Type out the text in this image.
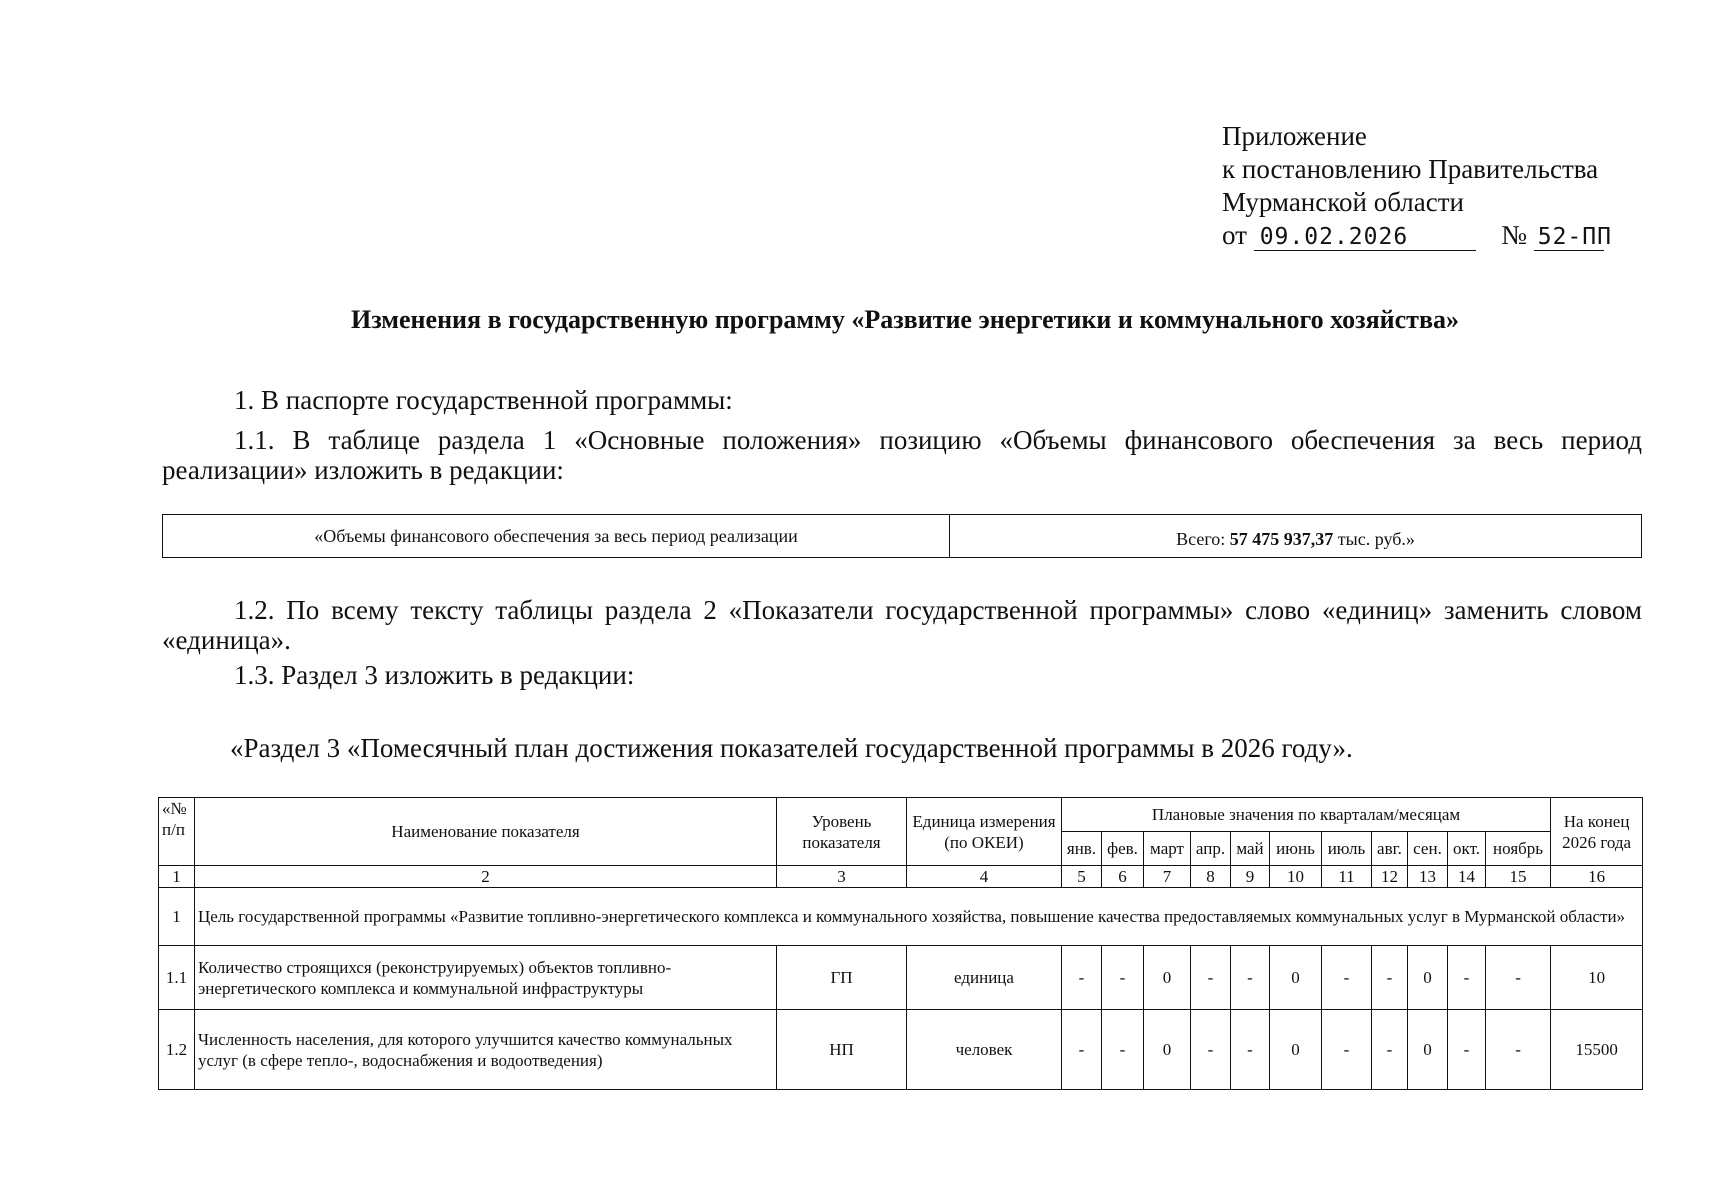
Приложение
к постановлению Правительства
Мурманской области
от 09.02.2026	№ 52-ПП
Изменения в государственную программу «Развитие энергетики и коммунального хозяйства»
1. В паспорте государственной программы:
1.1. В таблице раздела 1 «Основные положения» позицию «Объемы финансового обеспечения за весь период реализации» изложить в редакции:
«Объемы финансового обеспечения за весь период реализации	Всего: 57 475 937,37 тыс. руб.»
1.2. По всему тексту таблицы раздела 2 «Показатели государственной программы» слово «единиц» заменить словом «единица».
1.3. Раздел 3 изложить в редакции:
«Раздел 3 «Помесячный план достижения показателей государственной программы в 2026 году».
«№ п/п	Наименование показателя	Уровень показателя	Единица измерения (по ОКЕИ)	Плановые значения по кварталам/месяцам											На конец 2026 года
				янв.	фев.	март	апр.	май	июнь	июль	авг.	сен.	окт.	ноябрь	
1	2	3	4	5	6	7	8	9	10	11	12	13	14	15	16
1	Цель государственной программы «Развитие топливно-энергетического комплекса и коммунального хозяйства, повышение качества предоставляемых коммунальных услуг в Мурманской области»														
1.1	Количество строящихся (реконструируемых) объектов топливно-энергетического комплекса и коммунальной инфраструктуры	ГП	единица	-	-	0	-	-	0	-	-	0	-	-	10
1.2	Численность населения, для которого улучшится качество коммунальных услуг (в сфере тепло-, водоснабжения и водоотведения)	НП	человек	-	-	0	-	-	0	-	-	0	-	-	15500
